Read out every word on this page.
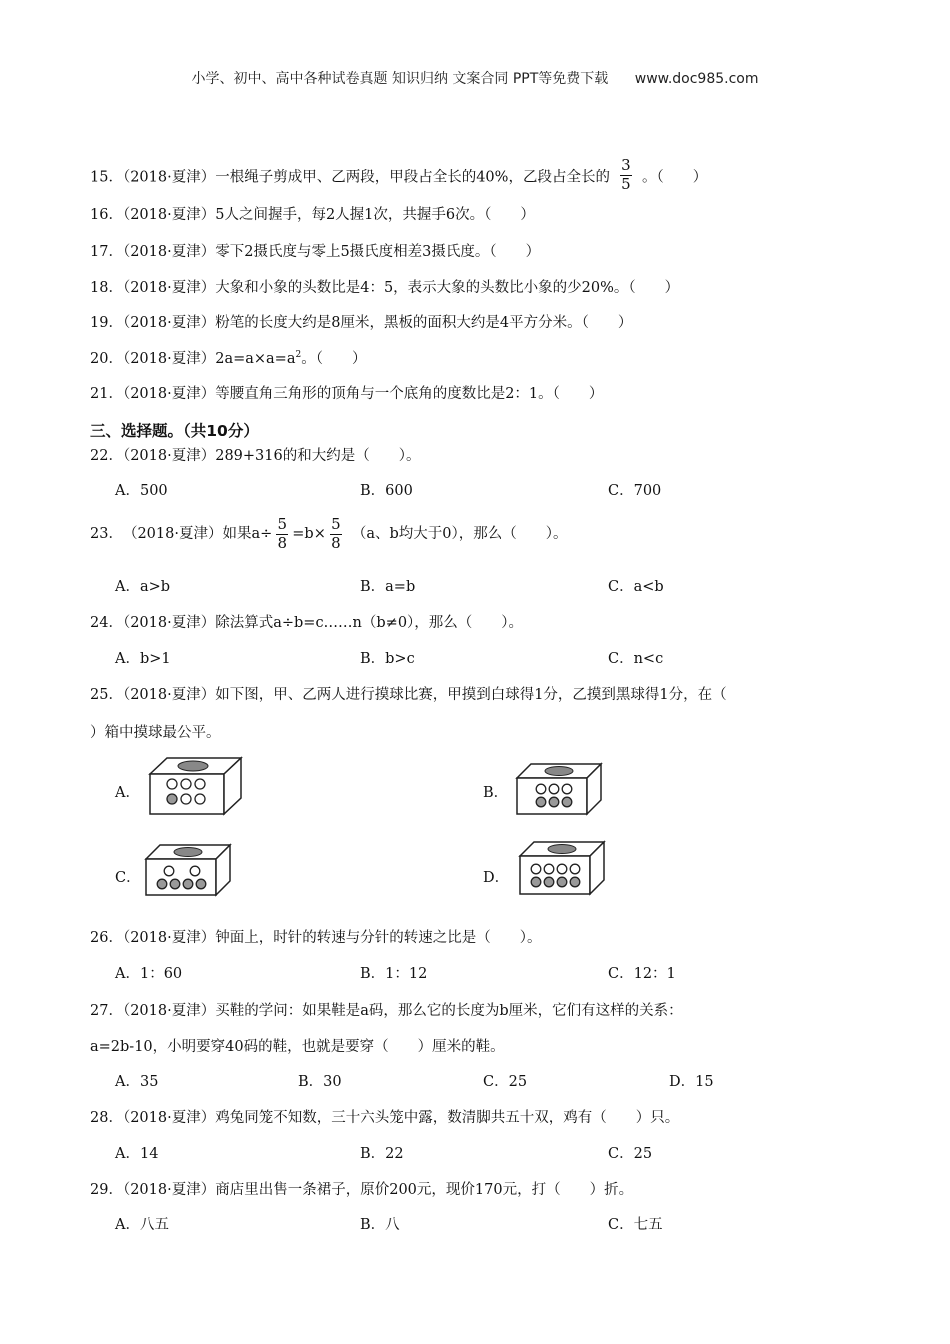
小学、初中、高中各种试卷真题 知识归纳 文案合同 PPT等免费下载 www.doc985.com
15．（2018·夏津）一根绳子剪成甲、乙两段，甲段占全长的40%，乙段占全长的 $\frac{3}{5}$ 。（　　）
16．（2018·夏津）5人之间握手，每2人握1次，共握手6次。（　　）
17．（2018·夏津）零下2摄氏度与零上5摄氏度相差3摄氏度。（　　）
18．（2018·夏津）大象和小象的头数比是4：5，表示大象的头数比小象的少20%。（　　）
19．（2018·夏津）粉笔的长度大约是8厘米，黑板的面积大约是4平方分米。（　　）
20．（2018·夏津）$2a=a\times a=a^2$。（　　）
21．（2018·夏津）等腰直角三角形的顶角与一个底角的度数比是2：1。（　　）
三、选择题。（共10分）
22．（2018·夏津）289+316的和大约是（　　）。
A．500	B．600	C．700
23．（2018·夏津）如果$a\div \frac{5}{8} =b\times \frac{5}{8} (a$、b均大于0），那么（　　）。
A．a>b	B．a=b	C．a<b
24．（2018·夏津）除法算式a÷b=c……n（b≠0），那么（　　）。
A．b>1	B．b>c	C．n<c
25．（2018·夏津）如下图，甲、乙两人进行摸球比赛，甲摸到白球得1分，乙摸到黑球得1分，在（
）箱中摸球最公平。
A．	B．
C．	D．
26．（2018·夏津）钟面上，时针的转速与分针的转速之比是（　　）。
A．1：60	B．1：12	C．12：1
27．（2018·夏津）买鞋的学问：如果鞋是a码，那么它的长度为b厘米，它们有这样的关系：
a=2b-10，小明要穿40码的鞋，也就是要穿（　　）厘米的鞋。
A．35	B．30	C．25	D．15
28．（2018·夏津）鸡兔同笼不知数，三十六头笼中露，数清脚共五十双，鸡有（　　）只。
A．14	B．22	C．25
29．（2018·夏津）商店里出售一条裙子，原价200元，现价170元，打（　　）折。
A．八五	B．八	C．七五
